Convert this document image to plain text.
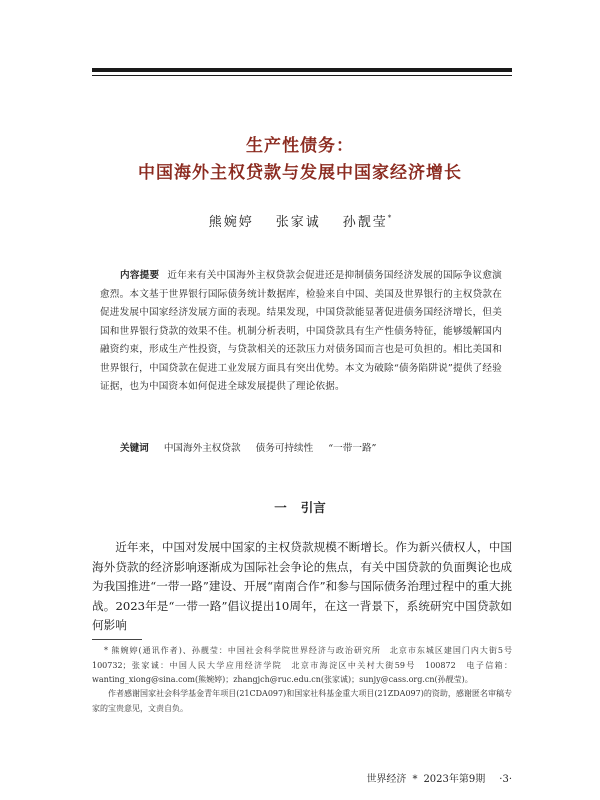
生产性债务：
中国海外主权贷款与发展中国家经济增长
熊婉婷 张家诚 孙靓莹*
内容提要 近年来有关中国海外主权贷款会促进还是抑制债务国经济发展的国际争议愈演愈烈。本文基于世界银行国际债务统计数据库，检验来自中国、美国及世界银行的主权贷款在促进发展中国家经济发展方面的表现。结果发现，中国贷款能显著促进债务国经济增长，但美国和世界银行贷款的效果不佳。机制分析表明，中国贷款具有生产性债务特征，能够缓解国内融资约束，形成生产性投资，与贷款相关的还款压力对债务国而言也是可负担的。相比美国和世界银行，中国贷款在促进工业发展方面具有突出优势。本文为破除“债务陷阱说”提供了经验证据，也为中国资本如何促进全球发展提供了理论依据。
关键词 中国海外主权贷款 债务可持续性 “一带一路”
一 引言
近年来，中国对发展中国家的主权贷款规模不断增长。作为新兴债权人，中国海外贷款的经济影响逐渐成为国际社会争论的焦点，有关中国贷款的负面舆论也成为我国推进“一带一路”建设、开展“南南合作”和参与国际债务治理过程中的重大挑战。2023年是“一带一路”倡议提出10周年，在这一背景下，系统研究中国贷款如何影响
* 熊婉婷(通讯作者)、孙靓莹：中国社会科学院世界经济与政治研究所　北京市东城区建国门内大街5号　100732；张家诚：中国人民大学应用经济学院　北京市海淀区中关村大街59号　100872　电子信箱：wanting_xiong@sina.com(熊婉婷)；zhangjch@ruc.edu.cn(张家诚)；sunjy@cass.org.cn(孙靓莹)。
作者感谢国家社会科学基金青年项目(21CDA097)和国家社科基金重大项目(21ZDA097)的资助，感谢匿名审稿专家的宝贵意见，文责自负。
世界经济 * 2023年第9期 ·3·
